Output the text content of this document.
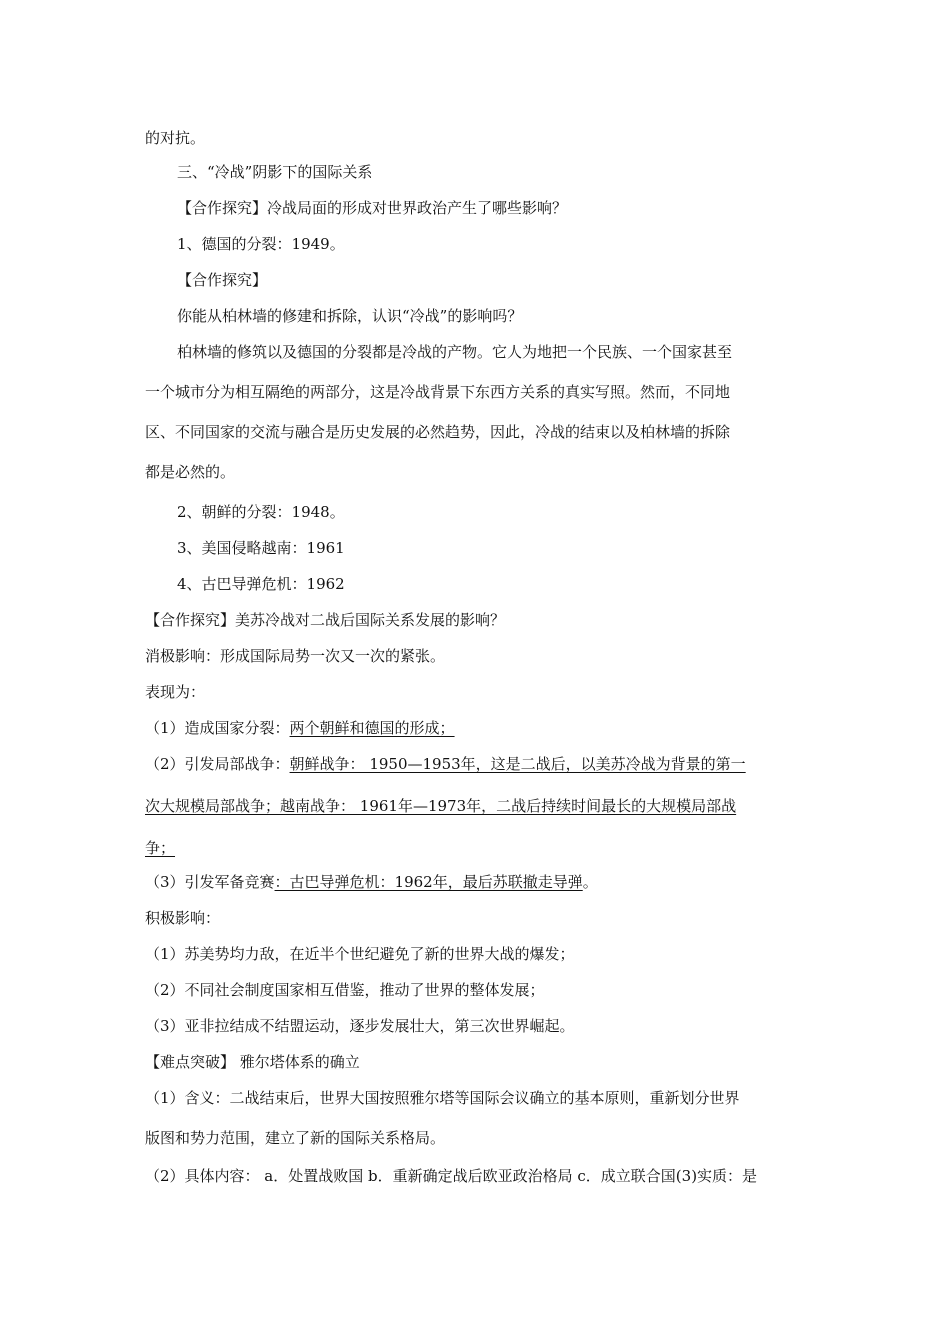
的对抗。
三、“冷战”阴影下的国际关系
【合作探究】冷战局面的形成对世界政治产生了哪些影响？
1、德国的分裂：1949。
【合作探究】
你能从柏林墙的修建和拆除，认识“冷战”的影响吗？
柏林墙的修筑以及德国的分裂都是冷战的产物。它人为地把一个民族、一个国家甚至
一个城市分为相互隔绝的两部分，这是冷战背景下东西方关系的真实写照。然而，不同地
区、不同国家的交流与融合是历史发展的必然趋势，因此，冷战的结束以及柏林墙的拆除
都是必然的。
2、朝鲜的分裂：1948。
3、美国侵略越南：1961
4、古巴导弹危机：1962
【合作探究】美苏冷战对二战后国际关系发展的影响？
消极影响：形成国际局势一次又一次的紧张。
表现为：
（1）造成国家分裂：两个朝鲜和德国的形成；
（2）引发局部战争：朝鲜战争： 1950—1953年，这是二战后，以美苏冷战为背景的第一
次大规模局部战争；越南战争： 1961年—1973年，二战后持续时间最长的大规模局部战
争；
（3）引发军备竞赛：古巴导弹危机：1962年，最后苏联撤走导弹。
积极影响：
（1）苏美势均力敌，在近半个世纪避免了新的世界大战的爆发；
（2）不同社会制度国家相互借鉴，推动了世界的整体发展；
（3）亚非拉结成不结盟运动，逐步发展壮大，第三次世界崛起。
【难点突破】 雅尔塔体系的确立
（1）含义：二战结束后，世界大国按照雅尔塔等国际会议确立的基本原则，重新划分世界
版图和势力范围，建立了新的国际关系格局。
（2）具体内容： a．处置战败国 b．重新确定战后欧亚政治格局 c．成立联合国(3)实质：是
